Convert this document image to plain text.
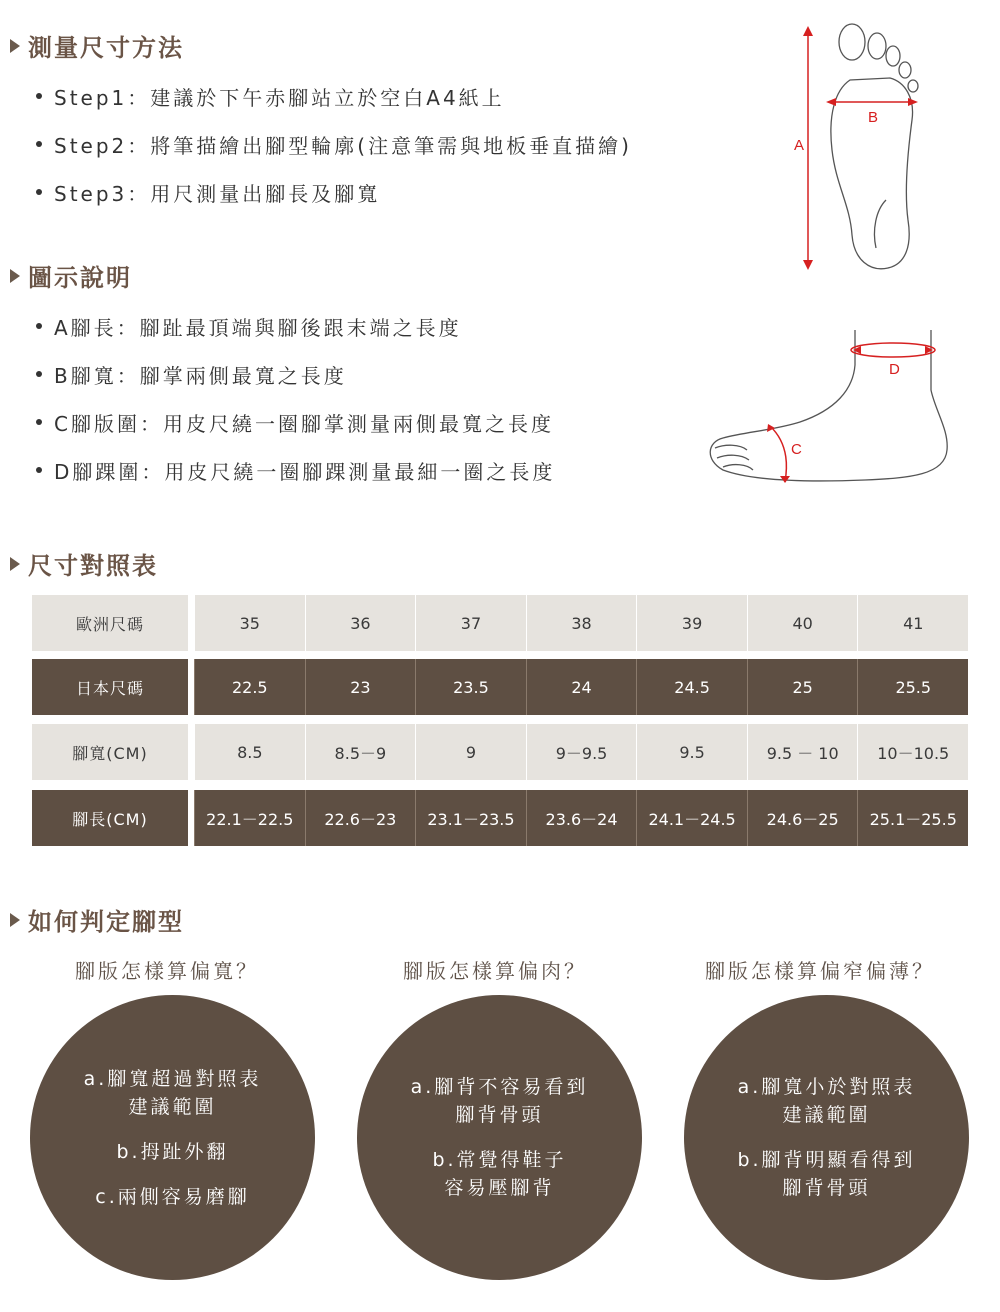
測量尺寸方法
Step1：建議於下午赤腳站立於空白A4紙上
Step2：將筆描繪出腳型輪廓(注意筆需與地板垂直描繪)
Step3：用尺測量出腳長及腳寬
A
B
圖示說明
A腳長：腳趾最頂端與腳後跟末端之長度
B腳寬：腳掌兩側最寬之長度
C腳版圍：用皮尺繞一圈腳掌測量兩側最寬之長度
D腳踝圍：用皮尺繞一圈腳踝測量最細一圈之長度
D
C
尺寸對照表
歐洲尺碼	35	36	37	38	39	40	41
日本尺碼	22.5	23	23.5	24	24.5	25	25.5
腳寬(CM)	8.5	8.5－9	9	9－9.5	9.5	9.5 － 10	10－10.5
腳長(CM)	22.1－22.5	22.6－23	23.1－23.5	23.6－24	24.1－24.5	24.6－25	25.1－25.5
如何判定腳型
腳版怎樣算偏寬？	腳版怎樣算偏肉？	腳版怎樣算偏窄偏薄？
a.腳寬超過對照表
建議範圍
b.拇趾外翻
c.兩側容易磨腳
a.腳背不容易看到
腳背骨頭
b.常覺得鞋子
容易壓腳背
a.腳寬小於對照表
建議範圍
b.腳背明顯看得到
腳背骨頭
